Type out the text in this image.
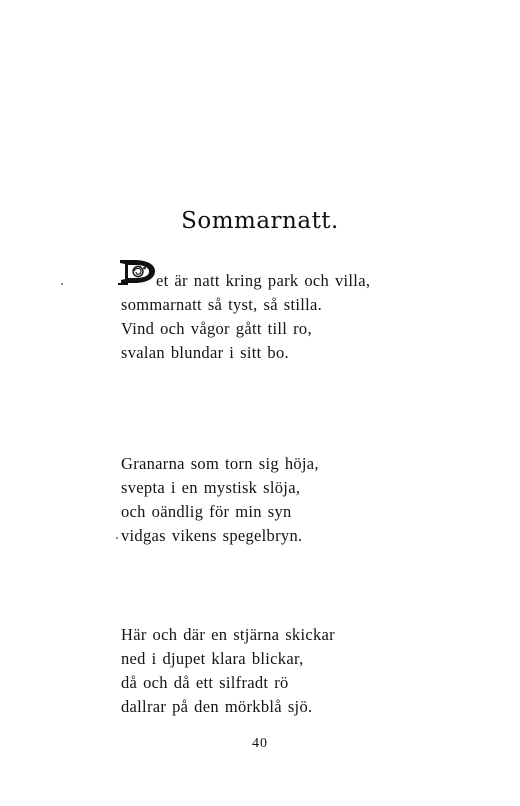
Sommarnatt.
et är natt kring park och villa,
sommarnatt så tyst, så stilla.
Vind och vågor gått till ro,
svalan blundar i sitt bo.
Granarna som torn sig höja,
svepta i en mystisk slöja,
och oändlig för min syn
vidgas vikens spegelbryn.
Här och där en stjärna skickar
ned i djupet klara blickar,
då och då ett silfradt rö
dallrar på den mörkblå sjö.
40
